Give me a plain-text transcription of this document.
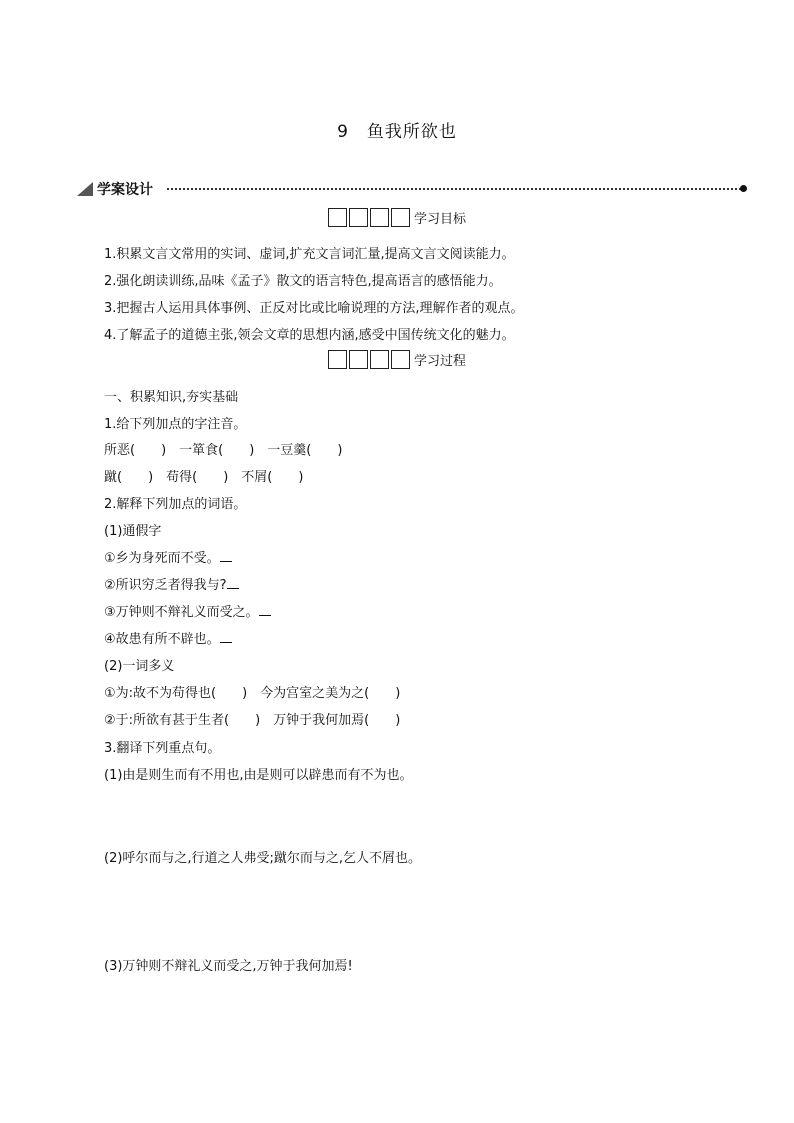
9 鱼我所欲也
学案设计
学习目标
1.积累文言文常用的实词、虚词,扩充文言词汇量,提高文言文阅读能力。
2.强化朗读训练,品味《孟子》散文的语言特色,提高语言的感悟能力。
3.把握古人运用具体事例、正反对比或比喻说理的方法,理解作者的观点。
4.了解孟子的道德主张,领会文章的思想内涵,感受中国传统文化的魅力。
学习过程
一、积累知识,夯实基础
1.给下列加点的字注音。
所恶(　　)　一箪食(　　)　一豆羹(　　)
蹴(　　)　苟得(　　)　不屑(　　)
2.解释下列加点的词语。
(1)通假字
①乡为身死而不受。
②所识穷乏者得我与?
③万钟则不辩礼义而受之。
④故患有所不辟也。
(2)一词多义
①为:故不为苟得也(　　)　今为宫室之美为之(　　)
②于:所欲有甚于生者(　　)　万钟于我何加焉(　　)
3.翻译下列重点句。
(1)由是则生而有不用也,由是则可以辟患而有不为也。
(2)呼尔而与之,行道之人弗受;蹴尔而与之,乞人不屑也。
(3)万钟则不辩礼义而受之,万钟于我何加焉!
